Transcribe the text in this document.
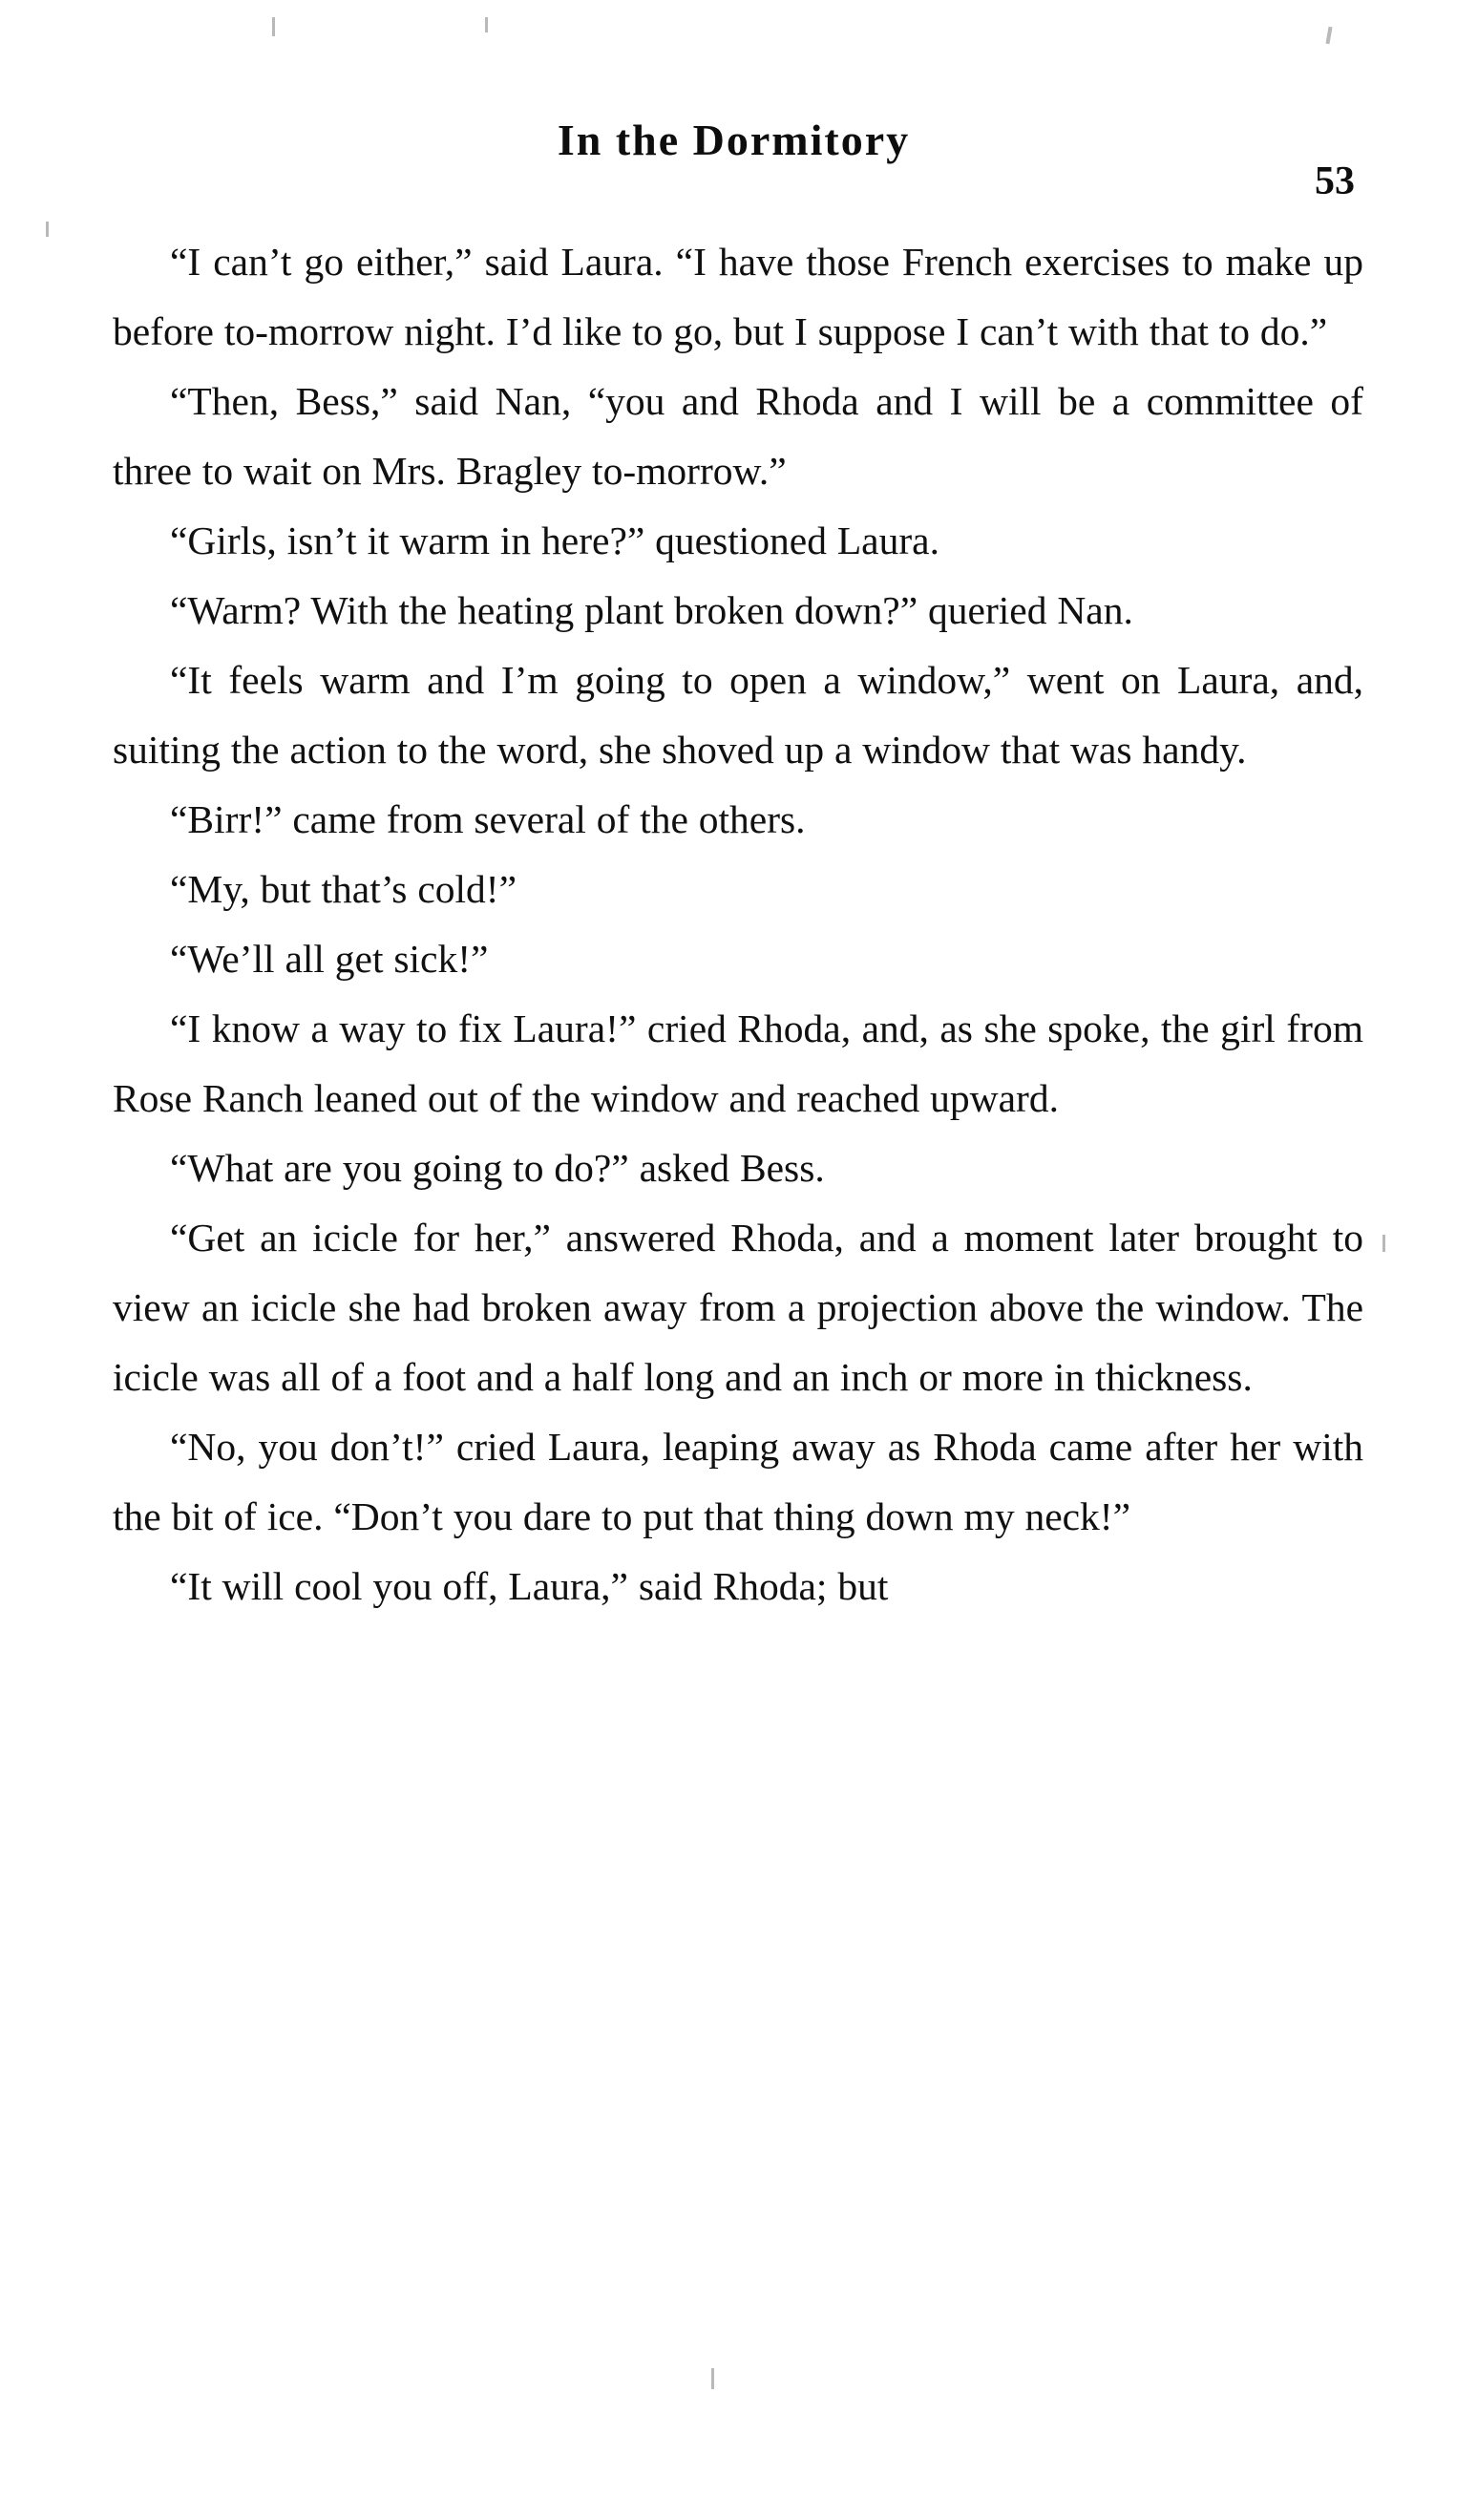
In the Dormitory
53

“I can’t go either,” said Laura. “I have those French exercises to make up before to-morrow night. I’d like to go, but I suppose I can’t with that to do.”

“Then, Bess,” said Nan, “you and Rhoda and I will be a committee of three to wait on Mrs. Bragley to-morrow.”

“Girls, isn’t it warm in here?” questioned Laura.

“Warm? With the heating plant broken down?” queried Nan.

“It feels warm and I’m going to open a window,” went on Laura, and, suiting the action to the word, she shoved up a window that was handy.

“Birr!” came from several of the others.

“My, but that’s cold!”

“We’ll all get sick!”

“I know a way to fix Laura!” cried Rhoda, and, as she spoke, the girl from Rose Ranch leaned out of the window and reached upward.

“What are you going to do?” asked Bess.

“Get an icicle for her,” answered Rhoda, and a moment later brought to view an icicle she had broken away from a projection above the window. The icicle was all of a foot and a half long and an inch or more in thickness.

“No, you don’t!” cried Laura, leaping away as Rhoda came after her with the bit of ice. “Don’t you dare to put that thing down my neck!”

“It will cool you off, Laura,” said Rhoda; but
